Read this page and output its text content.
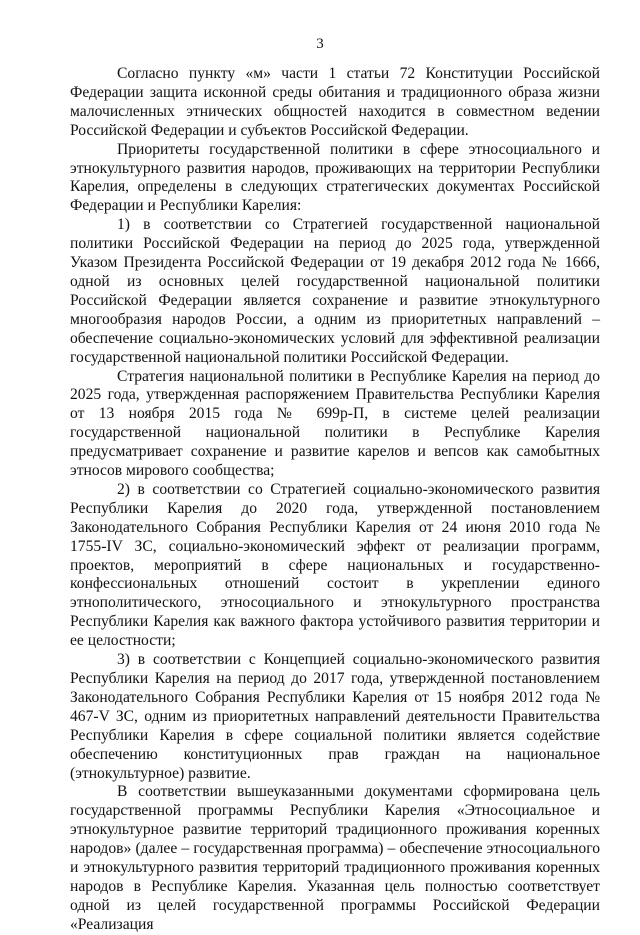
3

Согласно пункту «м» части 1 статьи 72 Конституции Российской Федерации защита исконной среды обитания и традиционного образа жизни малочисленных этнических общностей находится в совместном ведении Российской Федерации и субъектов Российской Федерации.

Приоритеты государственной политики в сфере этносоциального и этнокультурного развития народов, проживающих на территории Республики Карелия, определены в следующих стратегических документах Российской Федерации и Республики Карелия:

1) в соответствии со Стратегией государственной национальной политики Российской Федерации на период до 2025 года, утвержденной Указом Президента Российской Федерации от 19 декабря 2012 года № 1666, одной из основных целей государственной национальной политики Российской Федерации является сохранение и развитие этнокультурного многообразия народов России, а одним из приоритетных направлений – обеспечение социально-экономических условий для эффективной реализации государственной национальной политики Российской Федерации.

Стратегия национальной политики в Республике Карелия на период до 2025 года, утвержденная распоряжением Правительства Республики Карелия от 13 ноября 2015 года № 699р-П, в системе целей реализации государственной национальной политики в Республике Карелия предусматривает сохранение и развитие карелов и вепсов как самобытных этносов мирового сообщества;

2) в соответствии со Стратегией социально-экономического развития Республики Карелия до 2020 года, утвержденной постановлением Законодательного Собрания Республики Карелия от 24 июня 2010 года № 1755-IV ЗС, социально-экономический эффект от реализации программ, проектов, мероприятий в сфере национальных и государственно-конфессиональных отношений состоит в укреплении единого этнополитического, этносоциального и этнокультурного пространства Республики Карелия как важного фактора устойчивого развития территории и ее целостности;

3) в соответствии с Концепцией социально-экономического развития Республики Карелия на период до 2017 года, утвержденной постановлением Законодательного Собрания Республики Карелия от 15 ноября 2012 года № 467-V ЗС, одним из приоритетных направлений деятельности Правительства Республики Карелия в сфере социальной политики является содействие обеспечению конституционных прав граждан на национальное (этнокультурное) развитие.

В соответствии вышеуказанными документами сформирована цель государственной программы Республики Карелия «Этносоциальное и этнокультурное развитие территорий традиционного проживания коренных народов» (далее – государственная программа) – обеспечение этносоциального и этнокультурного развития территорий традиционного проживания коренных народов в Республике Карелия. Указанная цель полностью соответствует одной из целей государственной программы Российской Федерации «Реализация
